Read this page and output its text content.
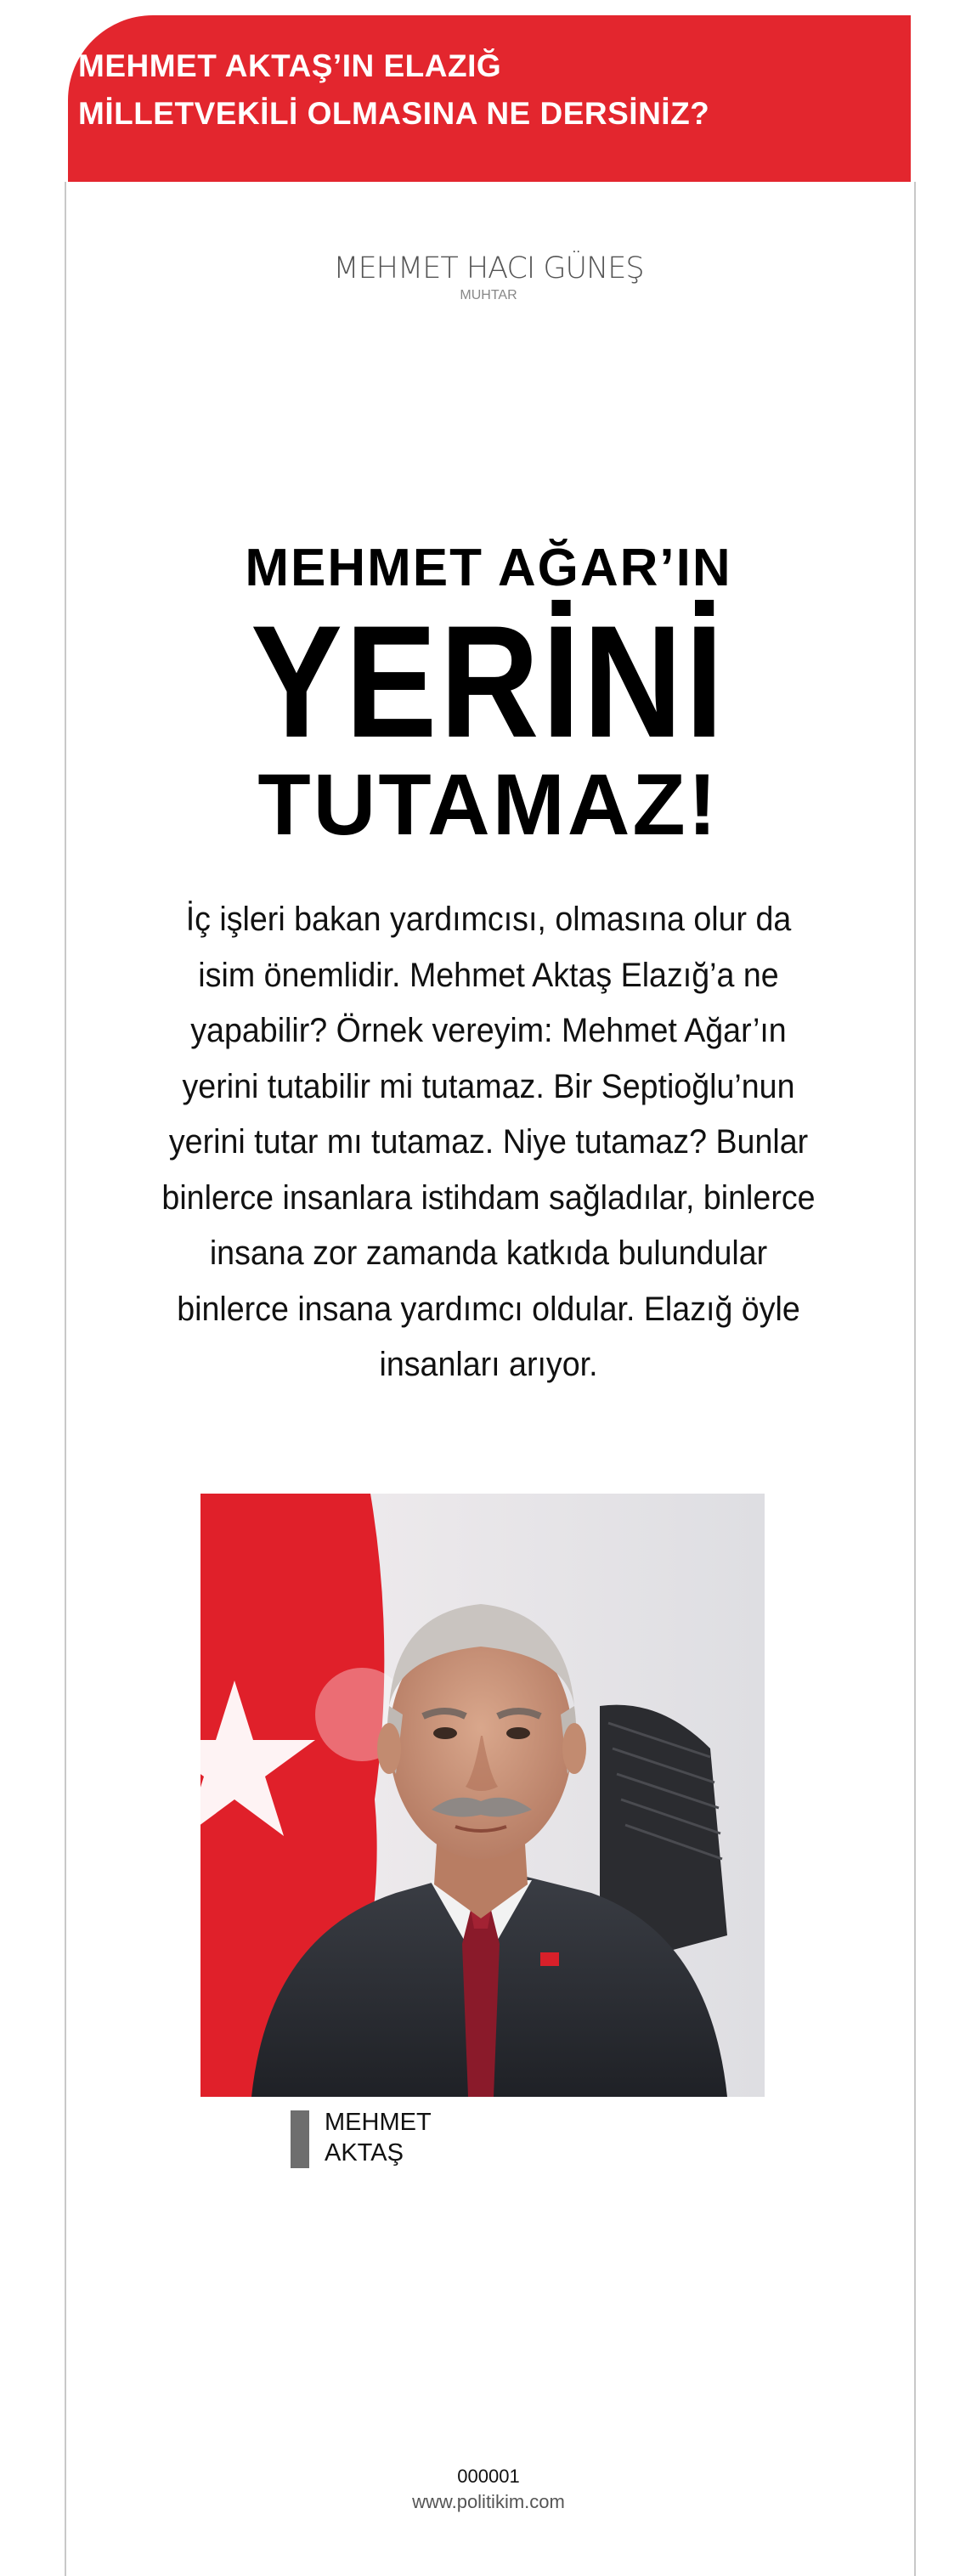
MEHMET AKTAŞ’IN ELAZIĞ
MİLLETVEKİLİ OLMASINA NE DERSİNİZ?
MEHMET HACI GÜNEŞ
MUHTAR
MEHMET AĞAR’IN
YERİNİ
TUTAMAZ!

İç işleri bakan yardımcısı, olmasına olur da isim önemlidir. Mehmet Aktaş Elazığ’a ne yapabilir? Örnek vereyim: Mehmet Ağar’ın yerini tutabilir mi tutamaz. Bir Septioğlu’nun yerini tutar mı tutamaz. Niye tutamaz? Bunlar binlerce insanlara istihdam sağladılar, binlerce insana zor zamanda katkıda bulundular binlerce insana yardımcı oldular. Elazığ öyle insanları arıyor.

MEHMET
AKTAŞ
000001
www.politikim.com
